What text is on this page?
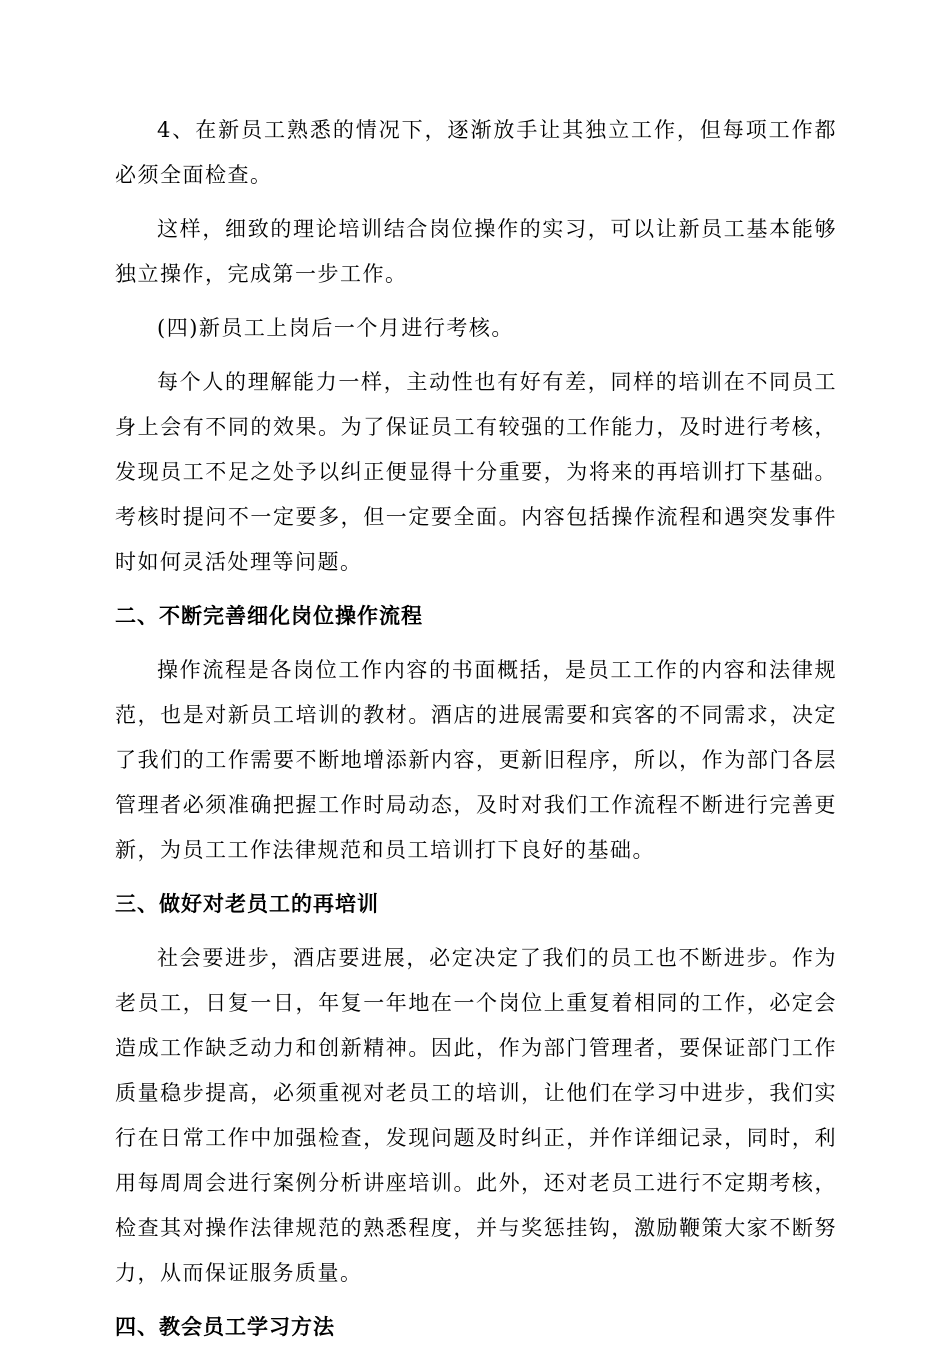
4、在新员工熟悉的情况下，逐渐放手让其独立工作，但每项工作都必须全面检查。

这样，细致的理论培训结合岗位操作的实习，可以让新员工基本能够独立操作，完成第一步工作。

(四)新员工上岗后一个月进行考核。

每个人的理解能力一样，主动性也有好有差，同样的培训在不同员工身上会有不同的效果。为了保证员工有较强的工作能力，及时进行考核，发现员工不足之处予以纠正便显得十分重要，为将来的再培训打下基础。考核时提问不一定要多，但一定要全面。内容包括操作流程和遇突发事件时如何灵活处理等问题。

二、不断完善细化岗位操作流程

操作流程是各岗位工作内容的书面概括，是员工工作的内容和法律规范，也是对新员工培训的教材。酒店的进展需要和宾客的不同需求，决定了我们的工作需要不断地增添新内容，更新旧程序，所以，作为部门各层管理者必须准确把握工作时局动态，及时对我们工作流程不断进行完善更新，为员工工作法律规范和员工培训打下良好的基础。

三、做好对老员工的再培训

社会要进步，酒店要进展，必定决定了我们的员工也不断进步。作为老员工，日复一日，年复一年地在一个岗位上重复着相同的工作，必定会造成工作缺乏动力和创新精神。因此，作为部门管理者，要保证部门工作质量稳步提高，必须重视对老员工的培训，让他们在学习中进步，我们实行在日常工作中加强检查，发现问题及时纠正，并作详细记录，同时，利用每周周会进行案例分析讲座培训。此外，还对老员工进行不定期考核，检查其对操作法律规范的熟悉程度，并与奖惩挂钩，激励鞭策大家不断努力，从而保证服务质量。

四、教会员工学习方法
